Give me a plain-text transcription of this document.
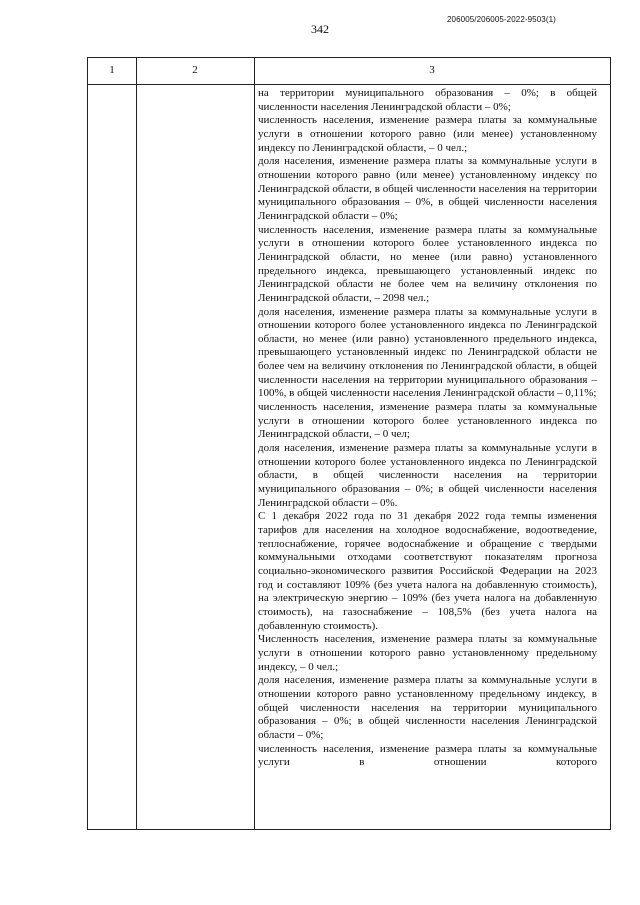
342
206005/206005-2022-9503(1)
1	2	3

на территории муниципального образования – 0%; в общей численности населения Ленинградской области – 0%;

численность населения, изменение размера платы за коммунальные услуги в отношении которого равно (или менее) установленному индексу по Ленинградской области, – 0 чел.;

доля населения, изменение размера платы за коммунальные услуги в отношении которого равно (или менее) установленному индексу по Ленинградской области, в общей численности населения на территории муниципального образования – 0%, в общей численности населения Ленинградской области – 0%;

численность населения, изменение размера платы за коммунальные услуги в отношении которого более установленного индекса по Ленинградской области, но менее (или равно) установленного предельного индекса, превышающего установленный индекс по Ленинградской области не более чем на величину отклонения по Ленинградской области, – 2098 чел.;

доля населения, изменение размера платы за коммунальные услуги в отношении которого более установленного индекса по Ленинградской области, но менее (или равно) установленного предельного индекса, превышающего установленный индекс по Ленинградской области не более чем на величину отклонения по Ленинградской области, в общей численности населения на территории муниципального образования – 100%, в общей численности населения Ленинградской области – 0,11%;

численность населения, изменение размера платы за коммунальные услуги в отношении которого более установленного индекса по Ленинградской области, – 0 чел;

доля населения, изменение размера платы за коммунальные услуги в отношении которого более установленного индекса по Ленинградской области, в общей численности населения на территории муниципального образования – 0%; в общей численности населения Ленинградской области – 0%.

С 1 декабря 2022 года по 31 декабря 2022 года темпы изменения тарифов для населения на холодное водоснабжение, водоотведение, теплоснабжение, горячее водоснабжение и обращение с твердыми коммунальными отходами соответствуют показателям прогноза социально-экономического развития Российской Федерации на 2023 год и составляют 109% (без учета налога на добавленную стоимость), на электрическую энергию – 109% (без учета налога на добавленную стоимость), на газоснабжение – 108,5% (без учета налога на добавленную стоимость).

Численность населения, изменение размера платы за коммунальные услуги в отношении которого равно установленному предельному индексу, – 0 чел.;

доля населения, изменение размера платы за коммунальные услуги в отношении которого равно установленному предельному индексу, в общей численности населения на территории муниципального образования – 0%; в общей численности населения Ленинградской области – 0%;

численность населения, изменение размера платы за коммунальные услуги в отношении которого
